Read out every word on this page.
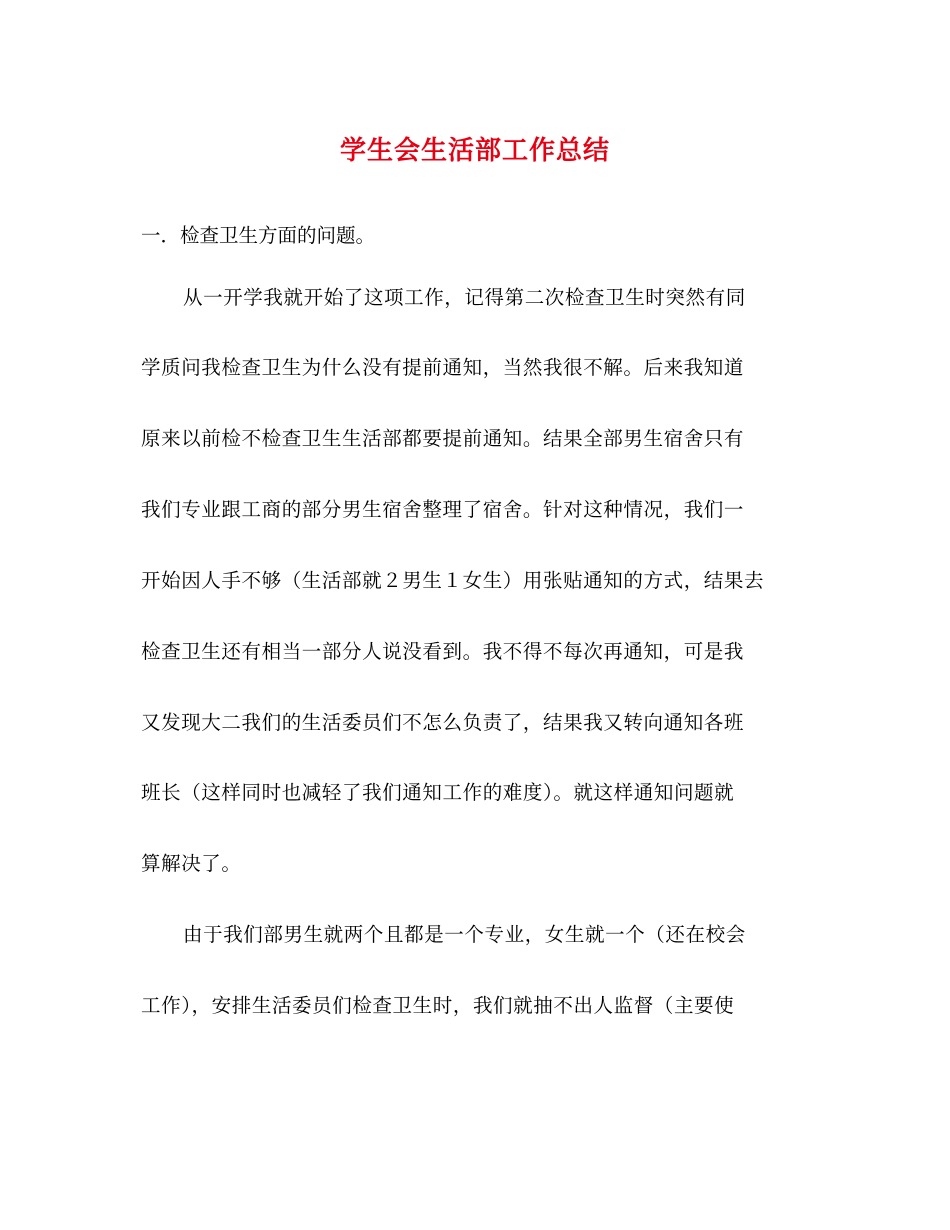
学生会生活部工作总结
一．检查卫生方面的问题。
从一开学我就开始了这项工作，记得第二次检查卫生时突然有同
学质问我检查卫生为什么没有提前通知，当然我很不解。后来我知道
原来以前检不检查卫生生活部都要提前通知。结果全部男生宿舍只有
我们专业跟工商的部分男生宿舍整理了宿舍。针对这种情况，我们一
开始因人手不够（生活部就２男生１女生）用张贴通知的方式，结果去
检查卫生还有相当一部分人说没看到。我不得不每次再通知，可是我
又发现大二我们的生活委员们不怎么负责了，结果我又转向通知各班
班长（这样同时也减轻了我们通知工作的难度）。就这样通知问题就
算解决了。
由于我们部男生就两个且都是一个专业，女生就一个（还在校会
工作），安排生活委员们检查卫生时，我们就抽不出人监督（主要使
